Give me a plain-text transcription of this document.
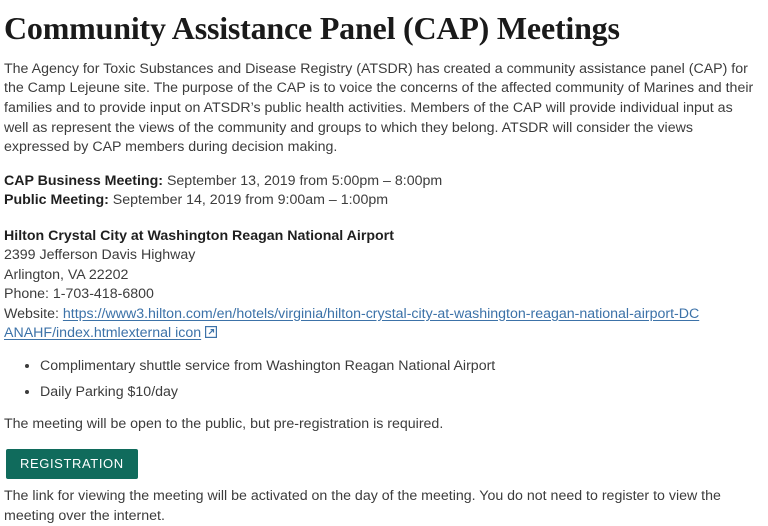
Community Assistance Panel (CAP) Meetings

The Agency for Toxic Substances and Disease Registry (ATSDR) has created a community assistance panel (CAP) for the Camp Lejeune site. The purpose of the CAP is to voice the concerns of the affected community of Marines and their families and to provide input on ATSDR’s public health activities. Members of the CAP will provide individual input as well as represent the views of the community and groups to which they belong. ATSDR will consider the views expressed by CAP members during decision making.

CAP Business Meeting: September 13, 2019 from 5:00pm – 8:00pm
Public Meeting: September 14, 2019 from 9:00am – 1:00pm
Hilton Crystal City at Washington Reagan National Airport
2399 Jefferson Davis Highway
Arlington, VA 22202
Phone: 1-703-418-6800
Website: https://www3.hilton.com/en/hotels/virginia/hilton-crystal-city-at-washington-reagan-national-airport-DCANAHF/index.htmlexternal icon
• Complimentary shuttle service from Washington Reagan National Airport
• Daily Parking $10/day

The meeting will be open to the public, but pre-registration is required.

REGISTRATION

The link for viewing the meeting will be activated on the day of the meeting. You do not need to register to view the meeting over the internet.
